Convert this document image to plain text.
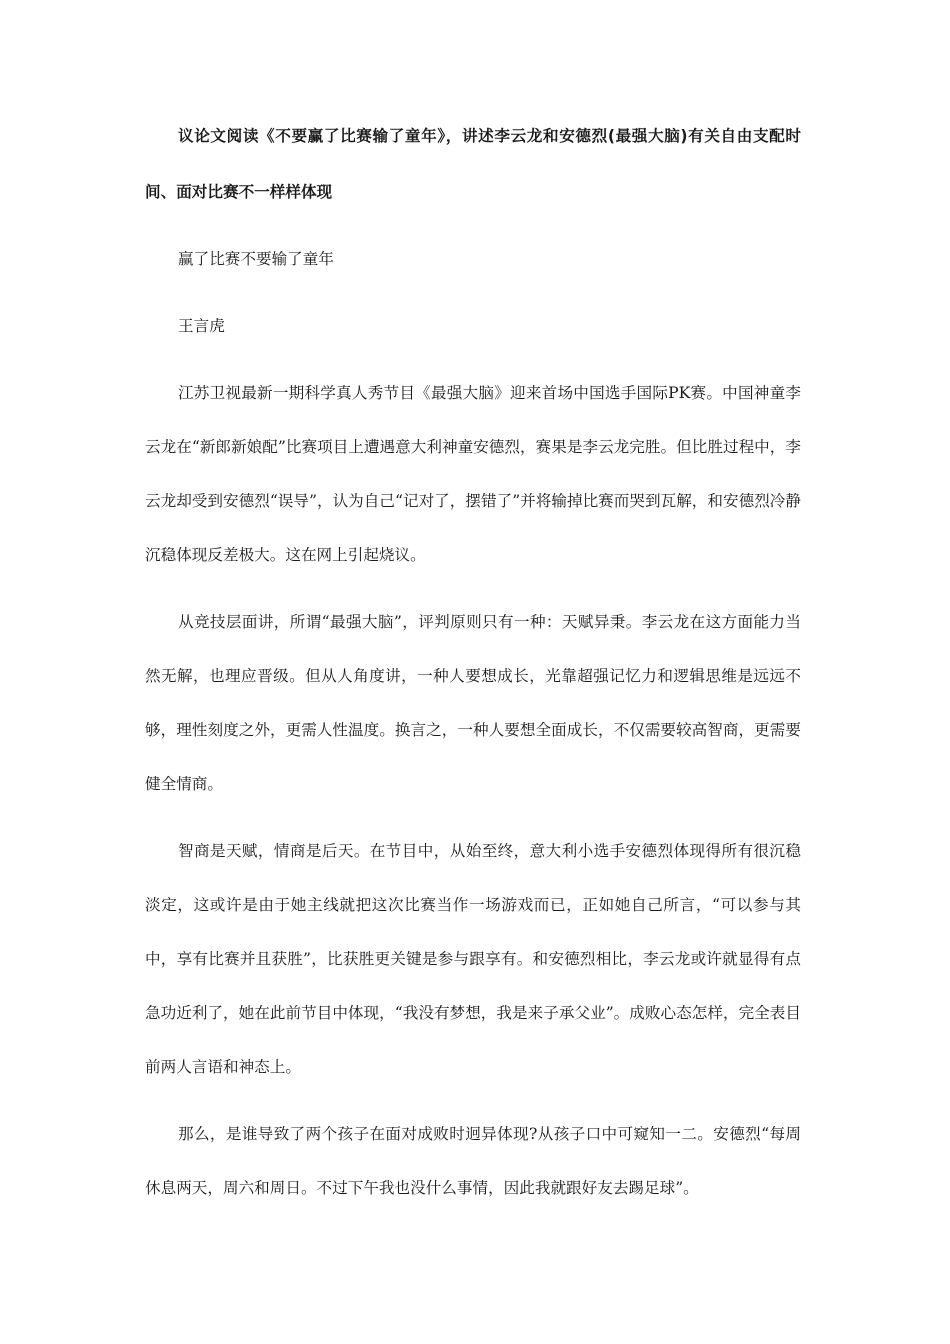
议论文阅读《不要赢了比赛输了童年》，讲述李云龙和安德烈(最强大脑)有关自由支配时间、面对比赛不一样样体现

赢了比赛不要输了童年

王言虎

江苏卫视最新一期科学真人秀节目《最强大脑》迎来首场中国选手国际PK赛。中国神童李云龙在“新郎新娘配”比赛项目上遭遇意大利神童安德烈，赛果是李云龙完胜。但比胜过程中，李云龙却受到安德烈“误导”，认为自己“记对了，摆错了”并将输掉比赛而哭到瓦解，和安德烈冷静沉稳体现反差极大。这在网上引起烧议。

从竞技层面讲，所谓“最强大脑”，评判原则只有一种：天赋异秉。李云龙在这方面能力当然无解，也理应晋级。但从人角度讲，一种人要想成长，光靠超强记忆力和逻辑思维是远远不够，理性刻度之外，更需人性温度。换言之，一种人要想全面成长，不仅需要较高智商，更需要健全情商。

智商是天赋，情商是后天。在节目中，从始至终，意大利小选手安德烈体现得所有很沉稳淡定，这或许是由于她主线就把这次比赛当作一场游戏而已，正如她自己所言，“可以参与其中，享有比赛并且获胜”，比获胜更关键是参与跟享有。和安德烈相比，李云龙或许就显得有点急功近利了，她在此前节目中体现，“我没有梦想，我是来子承父业”。成败心态怎样，完全表目前两人言语和神态上。

那么，是谁导致了两个孩子在面对成败时迥异体现?从孩子口中可窥知一二。安德烈“每周休息两天，周六和周日。不过下午我也没什么事情，因此我就跟好友去踢足球”。
